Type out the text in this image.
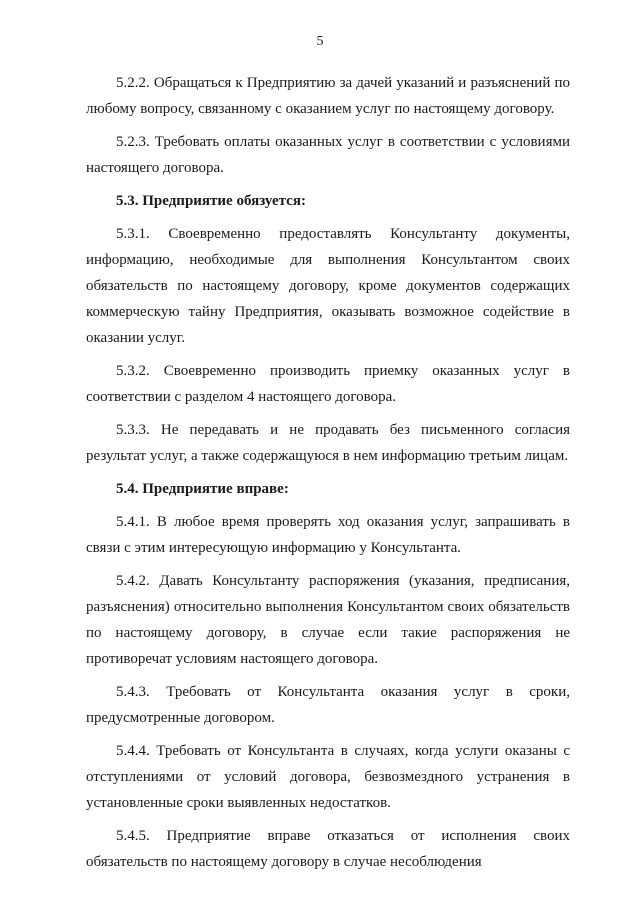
5

5.2.2. Обращаться к Предприятию за дачей указаний и разъяснений по любому вопросу, связанному с оказанием услуг по настоящему договору.

5.2.3. Требовать оплаты оказанных услуг в соответствии с условиями настоящего договора.

5.3. Предприятие обязуется:

5.3.1. Своевременно предоставлять Консультанту документы, информацию, необходимые для выполнения Консультантом своих обязательств по настоящему договору, кроме документов содержащих коммерческую тайну Предприятия, оказывать возможное содействие в оказании услуг.

5.3.2. Своевременно производить приемку оказанных услуг в соответствии с разделом 4 настоящего договора.

5.3.3. Не передавать и не продавать без письменного согласия результат услуг, а также содержащуюся в нем информацию третьим лицам.

5.4. Предприятие вправе:

5.4.1. В любое время проверять ход оказания услуг, запрашивать в связи с этим интересующую информацию у Консультанта.

5.4.2. Давать Консультанту распоряжения (указания, предписания, разъяснения) относительно выполнения Консультантом своих обязательств по настоящему договору, в случае если такие распоряжения не противоречат условиям настоящего договора.

5.4.3. Требовать от Консультанта оказания услуг в сроки, предусмотренные договором.

5.4.4. Требовать от Консультанта в случаях, когда услуги оказаны с отступлениями от условий договора, безвозмездного устранения в установленные сроки выявленных недостатков.

5.4.5. Предприятие вправе отказаться от исполнения своих обязательств по настоящему договору в случае несоблюдения
